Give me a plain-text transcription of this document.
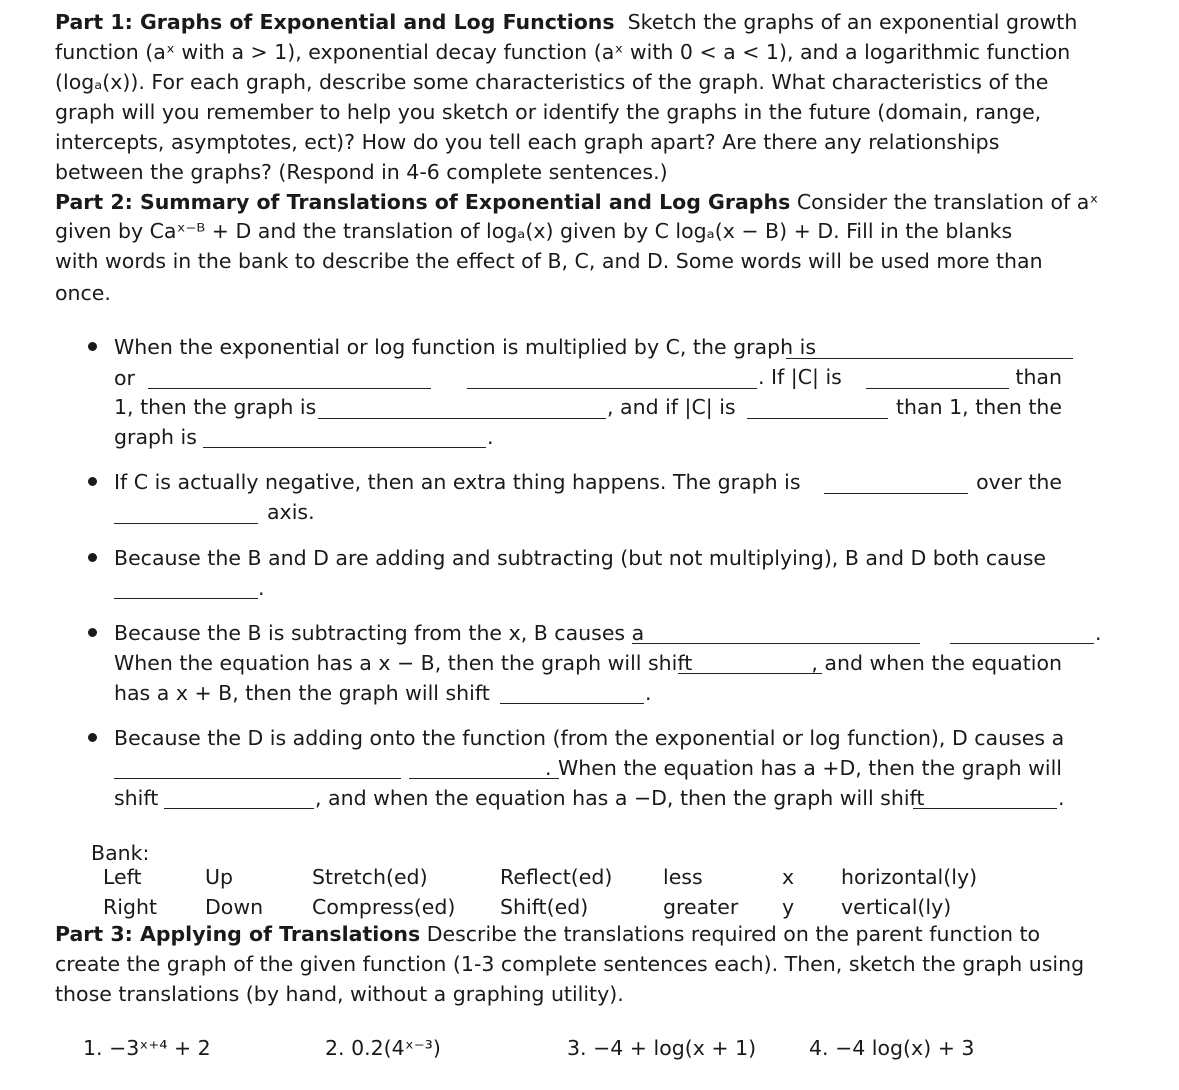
Part 1: Graphs of Exponential and Log Functions Sketch the graphs of an exponential growth
function (aˣ with a > 1), exponential decay function (aˣ with 0 < a < 1), and a logarithmic function
(logₐ(x)). For each graph, describe some characteristics of the graph. What characteristics of the
graph will you remember to help you sketch or identify the graphs in the future (domain, range,
intercepts, asymptotes, ect)? How do you tell each graph apart? Are there any relationships
between the graphs? (Respond in 4-6 complete sentences.)
Part 2: Summary of Translations of Exponential and Log Graphs Consider the translation of aˣ
given by Caˣ⁻ᴮ + D and the translation of logₐ(x) given by C logₐ(x − B) + D. Fill in the blanks
with words in the bank to describe the effect of B, C, and D. Some words will be used more than
once.
When the exponential or log function is multiplied by C, the graph is
or	. If |C| is	than
1, then the graph is	, and if |C| is	than 1, then the
graph is	.
If C is actually negative, then an extra thing happens. The graph is	over the
axis.
Because the B and D are adding and subtracting (but not multiplying), B and D both cause
.
Because the B is subtracting from the x, B causes a	.
When the equation has a x − B, then the graph will shift	, and when the equation
has a x + B, then the graph will shift	.
Because the D is adding onto the function (from the exponential or log function), D causes a
. When the equation has a +D, then the graph will
shift	, and when the equation has a −D, then the graph will shift	.
Bank:
Left	Up	Stretch(ed)	Reflect(ed) less	x horizontal(ly)
Right Down Compress(ed) Shift(ed)	greater y vertical(ly)
Part 3: Applying of Translations Describe the translations required on the parent function to
create the graph of the given function (1-3 complete sentences each). Then, sketch the graph using
those translations (by hand, without a graphing utility).
1. −3ˣ⁺⁴ + 2	2. 0.2(4ˣ⁻³)	3. −4 + log(x + 1)	4. −4 log(x) + 3
